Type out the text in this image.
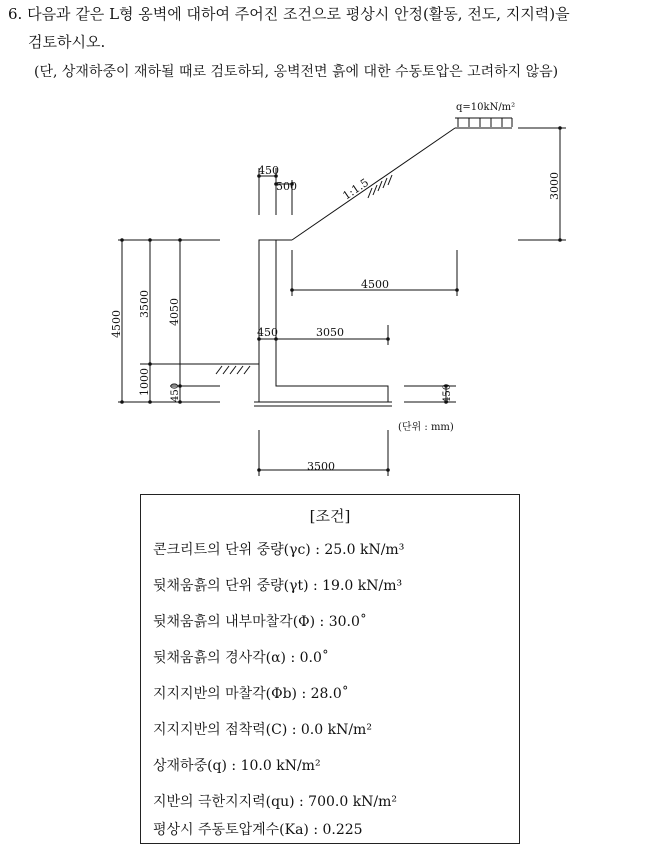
6. 다음과 같은 L형 옹벽에 대하여 주어진 조건으로 평상시 안정(활동, 전도, 지지력)을
검토하시오.
(단, 상재하중이 재하될 때로 검토하되, 옹벽전면 흙에 대한 수동토압은 고려하지 않음)
q=10kN/m²
1:1.5
450
500
4500
3000
4500
3500 4050
1000 450
450	3050
450
3500
(단위 : mm)
[조건]
콘크리트의 단위 중량(γc) : 25.0 kN/m³
뒷채움흙의 단위 중량(γt) : 19.0 kN/m³
뒷채움흙의 내부마찰각(Φ) : 30.0˚
뒷채움흙의 경사각(α) : 0.0˚
지지지반의 마찰각(Φb) : 28.0˚
지지지반의 점착력(C) : 0.0 kN/m²
상재하중(q) : 10.0 kN/m²
지반의 극한지지력(qu) : 700.0 kN/m²
평상시 주동토압계수(Ka) : 0.225
